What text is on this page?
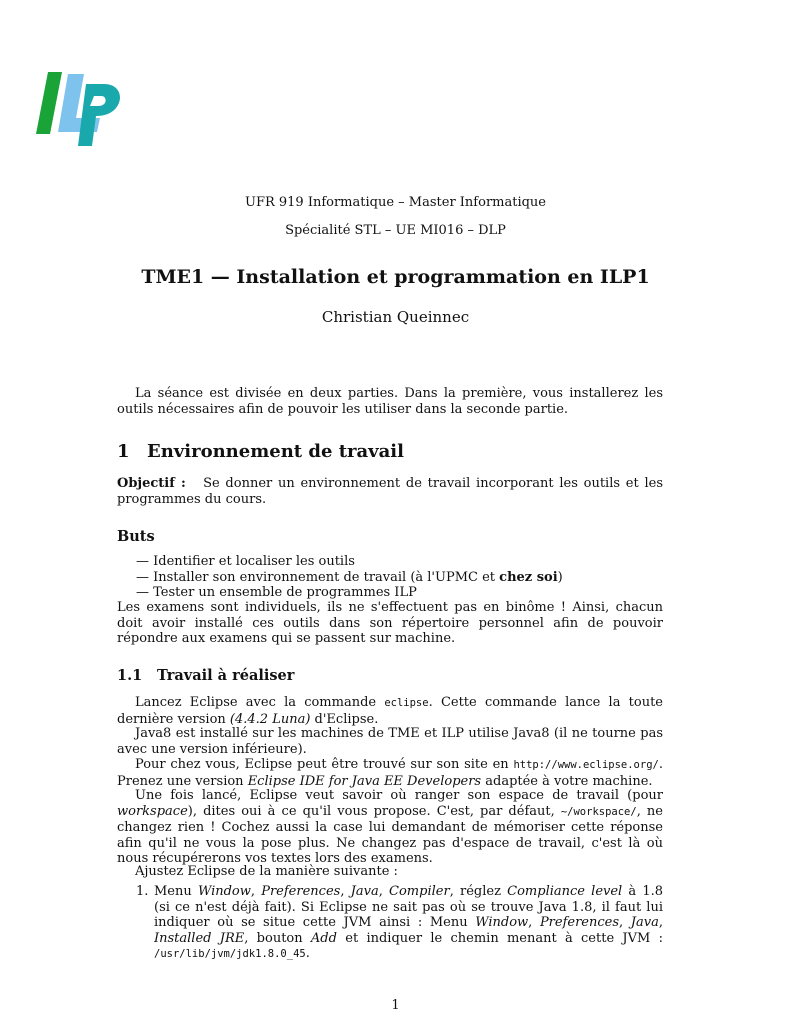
UFR 919 Informatique – Master Informatique
Spécialité STL – UE MI016 – DLP
TME1 — Installation et programmation en ILP1
Christian Queinnec
La séance est divisée en deux parties. Dans la première, vous installerez les outils nécessaires afin de pouvoir les utiliser dans la seconde partie.
1 Environnement de travail
Objectif : Se donner un environnement de travail incorporant les outils et les programmes du cours.
Buts
— Identifier et localiser les outils
— Installer son environnement de travail (à l'UPMC et chez soi)
— Tester un ensemble de programmes ILP
Les examens sont individuels, ils ne s'effectuent pas en binôme ! Ainsi, chacun doit avoir installé ces outils dans son répertoire personnel afin de pouvoir répondre aux examens qui se passent sur machine.
1.1 Travail à réaliser
Lancez Eclipse avec la commande eclipse. Cette commande lance la toute dernière version (4.4.2 Luna) d'Eclipse.
Java8 est installé sur les machines de TME et ILP utilise Java8 (il ne tourne pas avec une version inférieure).
Pour chez vous, Eclipse peut être trouvé sur son site en http://www.eclipse.org/. Prenez une version Eclipse IDE for Java EE Developers adaptée à votre machine.
Une fois lancé, Eclipse veut savoir où ranger son espace de travail (pour workspace), dites oui à ce qu'il vous propose. C'est, par défaut, ~/workspace/, ne changez rien ! Cochez aussi la case lui demandant de mémoriser cette réponse afin qu'il ne vous la pose plus. Ne changez pas d'espace de travail, c'est là où nous récupérerons vos textes lors des examens.
Ajustez Eclipse de la manière suivante :
1. Menu Window, Preferences, Java, Compiler, réglez Compliance level à 1.8 (si ce n'est déjà fait). Si Eclipse ne sait pas où se trouve Java 1.8, il faut lui indiquer où se situe cette JVM ainsi : Menu Window, Preferences, Java, Installed JRE, bouton Add et indiquer le chemin menant à cette JVM : /usr/lib/jvm/jdk1.8.0_45.
1
